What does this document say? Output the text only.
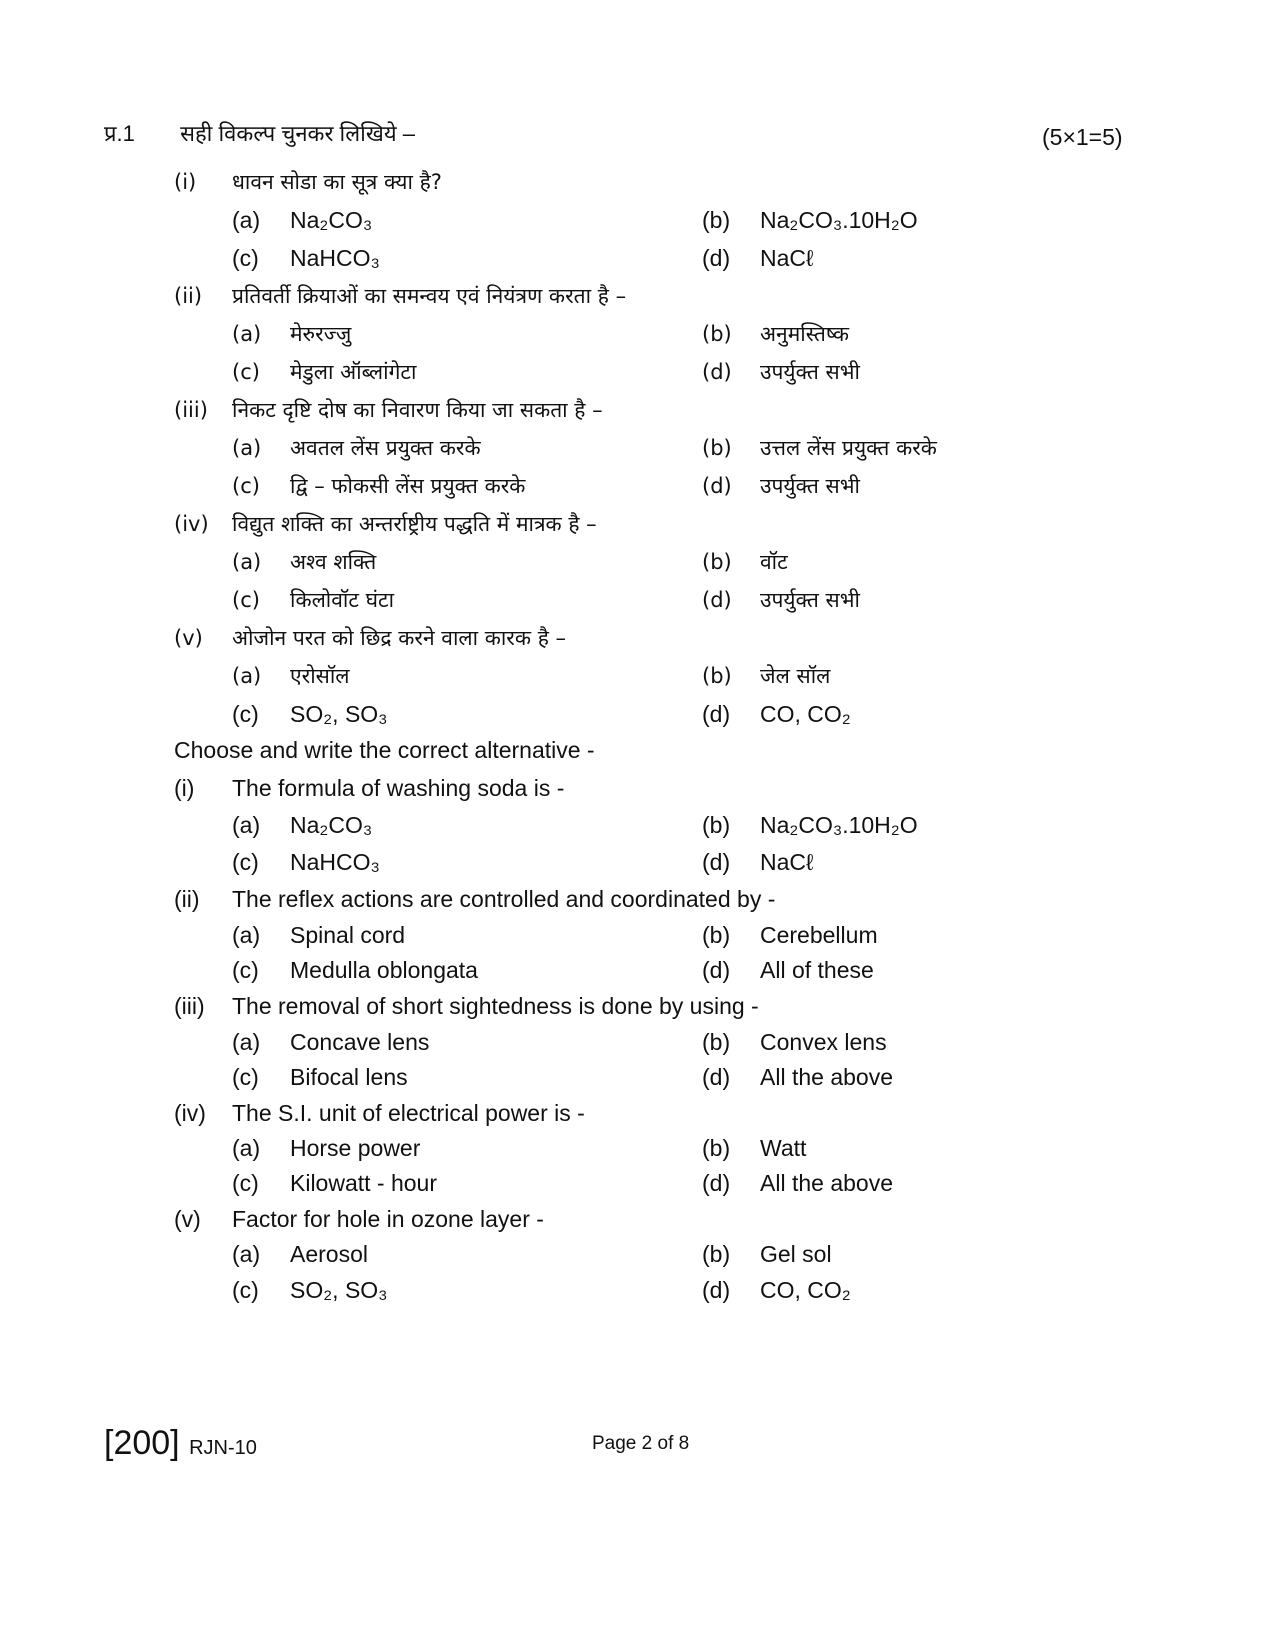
प्र.1 सही विकल्प चुनकर लिखिये –	(5×1=5)
(i) धावन सोडा का सूत्र क्या है?
(a) Na₂CO₃	(b) Na₂CO₃.10H₂O
(c) NaHCO₃	(d) NaCℓ
(ii) प्रतिवर्ती क्रियाओं का समन्वय एवं नियंत्रण करता है –
(a) मेरुरज्जु	(b) अनुमस्तिष्क
(c) मेडुला ऑब्लांगेटा	(d) उपर्युक्त सभी
(iii) निकट दृष्टि दोष का निवारण किया जा सकता है –
(a) अवतल लेंस प्रयुक्त करके	(b) उत्तल लेंस प्रयुक्त करके
(c) द्वि – फोकसी लेंस प्रयुक्त करके	(d) उपर्युक्त सभी
(iv) विद्युत शक्ति का अन्तर्राष्ट्रीय पद्धति में मात्रक है –
(a) अश्व शक्ति	(b) वॉट
(c) किलोवॉट घंटा	(d) उपर्युक्त सभी
(v) ओजोन परत को छिद्र करने वाला कारक है –
(a) एरोसॉल	(b) जेल सॉल
(c) SO₂, SO₃	(d) CO, CO₂
Choose and write the correct alternative -
(i) The formula of washing soda is -
(a) Na₂CO₃	(b) Na₂CO₃.10H₂O
(c) NaHCO₃	(d) NaCℓ
(ii) The reflex actions are controlled and coordinated by -
(a) Spinal cord	(b) Cerebellum
(c) Medulla oblongata	(d) All of these
(iii) The removal of short sightedness is done by using -
(a) Concave lens	(b) Convex lens
(c) Bifocal lens	(d) All the above
(iv) The S.I. unit of electrical power is -
(a) Horse power	(b) Watt
(c) Kilowatt - hour	(d) All the above
(v) Factor for hole in ozone layer -
(a) Aerosol	(b) Gel sol
(c) SO₂, SO₃	(d) CO, CO₂
[200] RJN-10	Page 2 of 8
